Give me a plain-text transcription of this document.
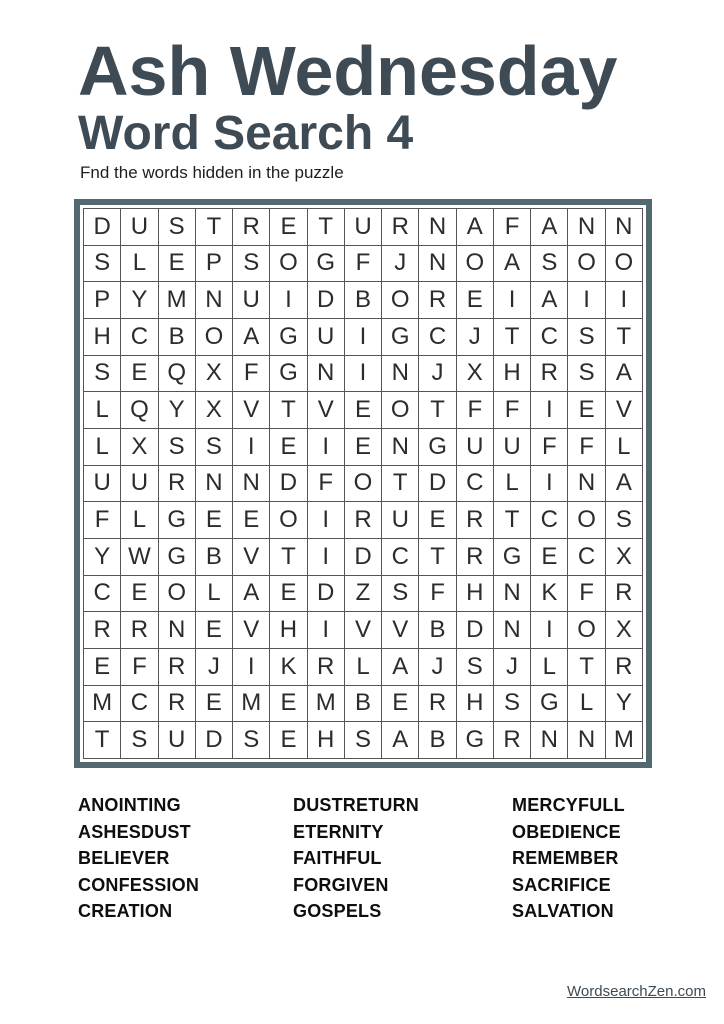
Ash Wednesday
Word Search 4

Fnd the words hidden in the puzzle

D U S T R E T U R N A F A N N
S L E P S O G F J N O A S O O
P Y M N U	I	D B O R E	I	A	I	I
H C B O A G U	I	G C J T C S T
S E Q X F G N	I	N J X H R S A
L Q Y X V T V E O T F F	I	E V
L X S S	I	E	I	E N G U U F F L
U U R N N D F O T D C L	I	N A
F L G E E O	I	R U E R T C O S
Y W G B V T	I	D C T R G E C X
C E O L A E D Z S F H N K F R
R R N E V H	I	V V B D N	I	O X
E F R J	I	K R L A J S J	L T R
M C R E M E M B E R H S G L Y
T S U D S E H S A B G R N N M
ANOINTING
ASHESDUST
BELIEVER
CONFESSION
CREATION
DUSTRETURN
ETERNITY
FAITHFUL
FORGIVEN
GOSPELS
MERCYFULL
OBEDIENCE
REMEMBER
SACRIFICE
SALVATION
WordsearchZen.com
